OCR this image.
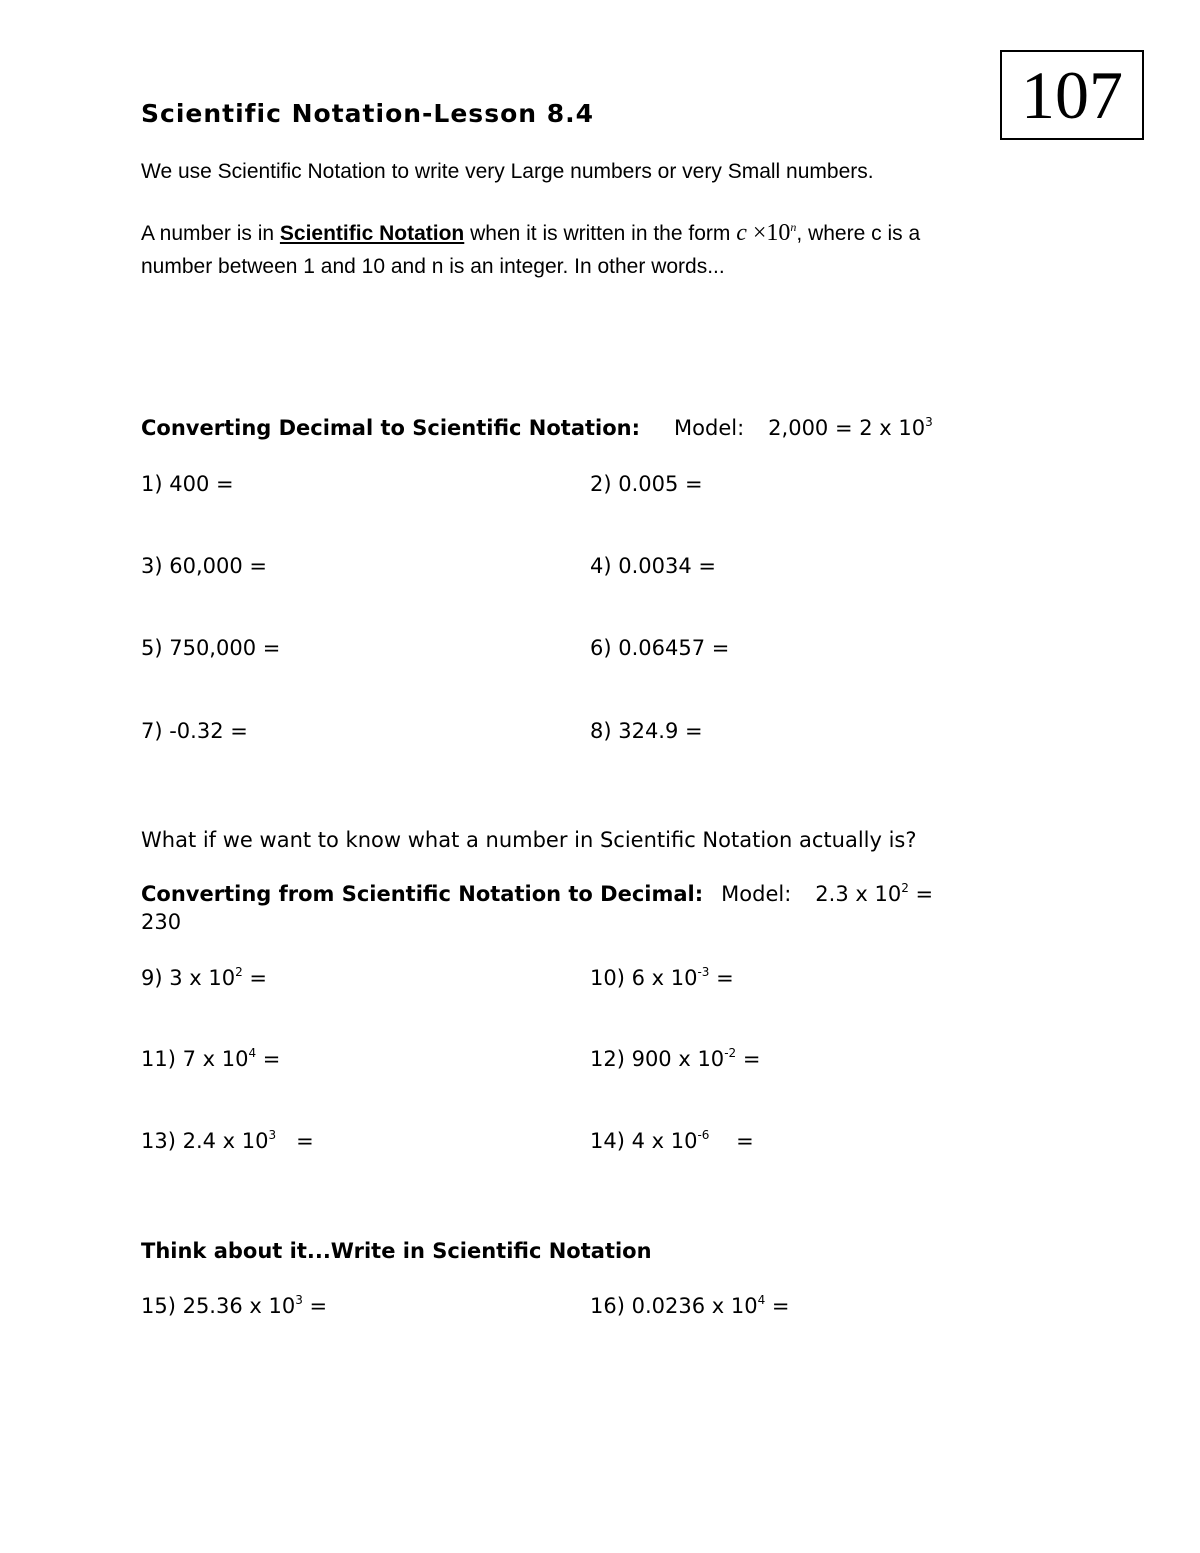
107
Scientific Notation-Lesson 8.4
We use Scientific Notation to write very Large numbers or very Small numbers.
A number is in Scientific Notation when it is written in the form $c \times 10^n$, where c is a
number between 1 and 10 and n is an integer. In other words...
Converting Decimal to Scientific Notation: Model: 2,000 = 2 x $10^3$
1) 400 =	2) 0.005 =
3) 60,000 =	4) 0.0034 =
5) 750,000 =	6) 0.06457 =
7) -0.32 =	8) 324.9 =
What if we want to know what a number in Scientific Notation actually is?
Converting from Scientific Notation to Decimal: Model: 2.3 x $10^2$ =
230
9) 3 x $10^2$ =	10) 6 x $10^{-3}$ =
11) 7 x $10^4$ =	12) 900 x $10^{-2}$ =
13) 2.4 x $10^3$   =	14) 4 x $10^{-6}$    =
Think about it...Write in Scientific Notation
15) 25.36 x $10^3$ =	16) 0.0236 x $10^4$ =
